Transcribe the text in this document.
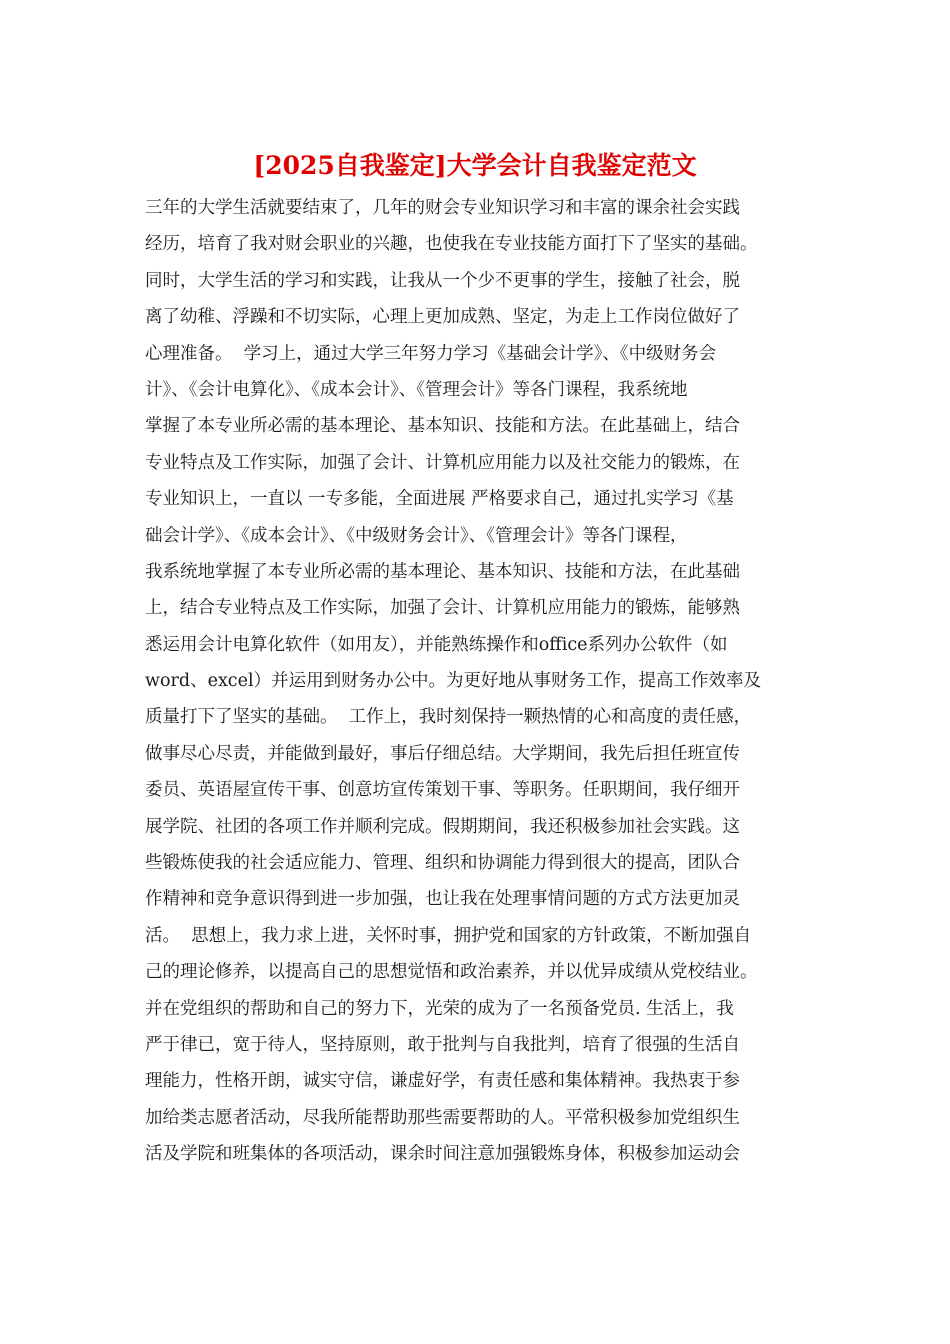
[2025自我鉴定]大学会计自我鉴定范文
三年的大学生活就要结束了，几年的财会专业知识学习和丰富的课余社会实践
经历，培育了我对财会职业的兴趣，也使我在专业技能方面打下了坚实的基础。
同时，大学生活的学习和实践，让我从一个少不更事的学生，接触了社会，脱
离了幼稚、浮躁和不切实际，心理上更加成熟、坚定，为走上工作岗位做好了
心理准备。  学习上，通过大学三年努力学习《基础会计学》、《中级财务会
计》、《会计电算化》、《成本会计》、《管理会计》等各门课程，我系统地
掌握了本专业所必需的基本理论、基本知识、技能和方法。在此基础上，结合
专业特点及工作实际，加强了会计、计算机应用能力以及社交能力的锻炼，在
专业知识上，一直以 一专多能，全面进展 严格要求自己，通过扎实学习《基
础会计学》、《成本会计》、《中级财务会计》、《管理会计》等各门课程，
我系统地掌握了本专业所必需的基本理论、基本知识、技能和方法，在此基础
上，结合专业特点及工作实际，加强了会计、计算机应用能力的锻炼，能够熟
悉运用会计电算化软件（如用友），并能熟练操作和office系列办公软件（如
word、excel）并运用到财务办公中。为更好地从事财务工作，提高工作效率及
质量打下了坚实的基础。  工作上，我时刻保持一颗热情的心和高度的责任感，
做事尽心尽责，并能做到最好，事后仔细总结。大学期间，我先后担任班宣传
委员、英语屋宣传干事、创意坊宣传策划干事、等职务。任职期间，我仔细开
展学院、社团的各项工作并顺利完成。假期期间，我还积极参加社会实践。这
些锻炼使我的社会适应能力、管理、组织和协调能力得到很大的提高，团队合
作精神和竞争意识得到进一步加强，也让我在处理事情问题的方式方法更加灵
活。  思想上，我力求上进，关怀时事，拥护党和国家的方针政策，不断加强自
己的理论修养，以提高自己的思想觉悟和政治素养，并以优异成绩从党校结业。
并在党组织的帮助和自己的努力下，光荣的成为了一名预备党员. 生活上，我
严于律已，宽于待人，坚持原则，敢于批判与自我批判，培育了很强的生活自
理能力，性格开朗，诚实守信，谦虚好学，有责任感和集体精神。我热衷于参
加给类志愿者活动，尽我所能帮助那些需要帮助的人。平常积极参加党组织生
活及学院和班集体的各项活动，课余时间注意加强锻炼身体，积极参加运动会
